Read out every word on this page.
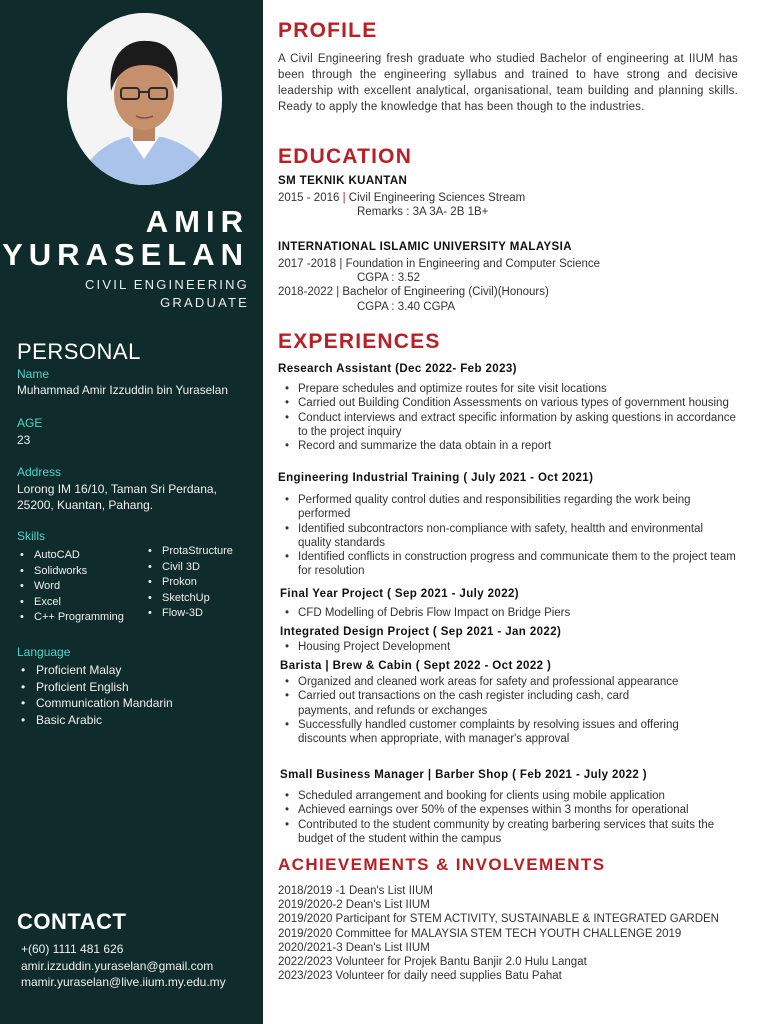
AMIR
YURASELAN
CIVIL ENGINEERING
GRADUATE
PERSONAL
Name
Muhammad Amir Izzuddin bin Yuraselan
AGE
23
Address
Lorong IM 16/10, Taman Sri Perdana,
25200, Kuantan, Pahang.
Skills
• AutoCAD
• Solidworks
• Word
• Excel
• C++ Programming
• ProtaStructure
• Civil 3D
• Prokon
• SketchUp
• Flow-3D
Language
• Proficient Malay
• Proficient English
• Communication Mandarin
• Basic Arabic
CONTACT
+(60) 1111 481 626
amir.izzuddin.yuraselan@gmail.com
mamir.yuraselan@live.iium.my.edu.my
PROFILE
A Civil Engineering fresh graduate who studied Bachelor of engineering at IIUM has been through the engineering syllabus and trained to have strong and decisive leadership with excellent analytical, organisational, team building and planning skills. Ready to apply the knowledge that has been though to the industries.
EDUCATION
SM TEKNIK KUANTAN
2015 - 2016 | Civil Engineering Sciences Stream
Remarks : 3A 3A- 2B 1B+
INTERNATIONAL ISLAMIC UNIVERSITY MALAYSIA
2017 -2018 | Foundation in Engineering and Computer Science
CGPA : 3.52
2018-2022 | Bachelor of Engineering (Civil)(Honours)
CGPA : 3.40 CGPA
EXPERIENCES
Research Assistant (Dec 2022- Feb 2023)
• Prepare schedules and optimize routes for site visit locations
• Carried out Building Condition Assessments on various types of government housing
• Conduct interviews and extract specific information by asking questions in accordance to the project inquiry
• Record and summarize the data obtain in a report
Engineering Industrial Training ( July 2021 - Oct 2021)
• Performed quality control duties and responsibilities regarding the work being performed
• Identified subcontractors non-compliance with safety, healtth and environmental quality standards
• Identified conflicts in construction progress and communicate them to the project team for resolution
Final Year Project ( Sep 2021 - July 2022)
• CFD Modelling of Debris Flow Impact on Bridge Piers
Integrated Design Project ( Sep 2021 - Jan 2022)
• Housing Project Development
Barista | Brew & Cabin ( Sept 2022 - Oct 2022 )
• Organized and cleaned work areas for safety and professional appearance
• Carried out transactions on the cash register including cash, card payments, and refunds or exchanges
• Successfully handled customer complaints by resolving issues and offering discounts when appropriate, with manager's approval
Small Business Manager | Barber Shop ( Feb 2021 - July 2022 )
• Scheduled arrangement and booking for clients using mobile application
• Achieved earnings over 50% of the expenses within 3 months for operational
• Contributed to the student community by creating barbering services that suits the budget of the student within the campus
ACHIEVEMENTS & INVOLVEMENTS
2018/2019 -1 Dean's List IIUM
2019/2020-2 Dean's List IIUM
2019/2020 Participant for STEM ACTIVITY, SUSTAINABLE & INTEGRATED GARDEN
2019/2020 Committee for MALAYSIA STEM TECH YOUTH CHALLENGE 2019
2020/2021-3 Dean's List IIUM
2022/2023 Volunteer for Projek Bantu Banjir 2.0 Hulu Langat
2023/2023 Volunteer for daily need supplies Batu Pahat
